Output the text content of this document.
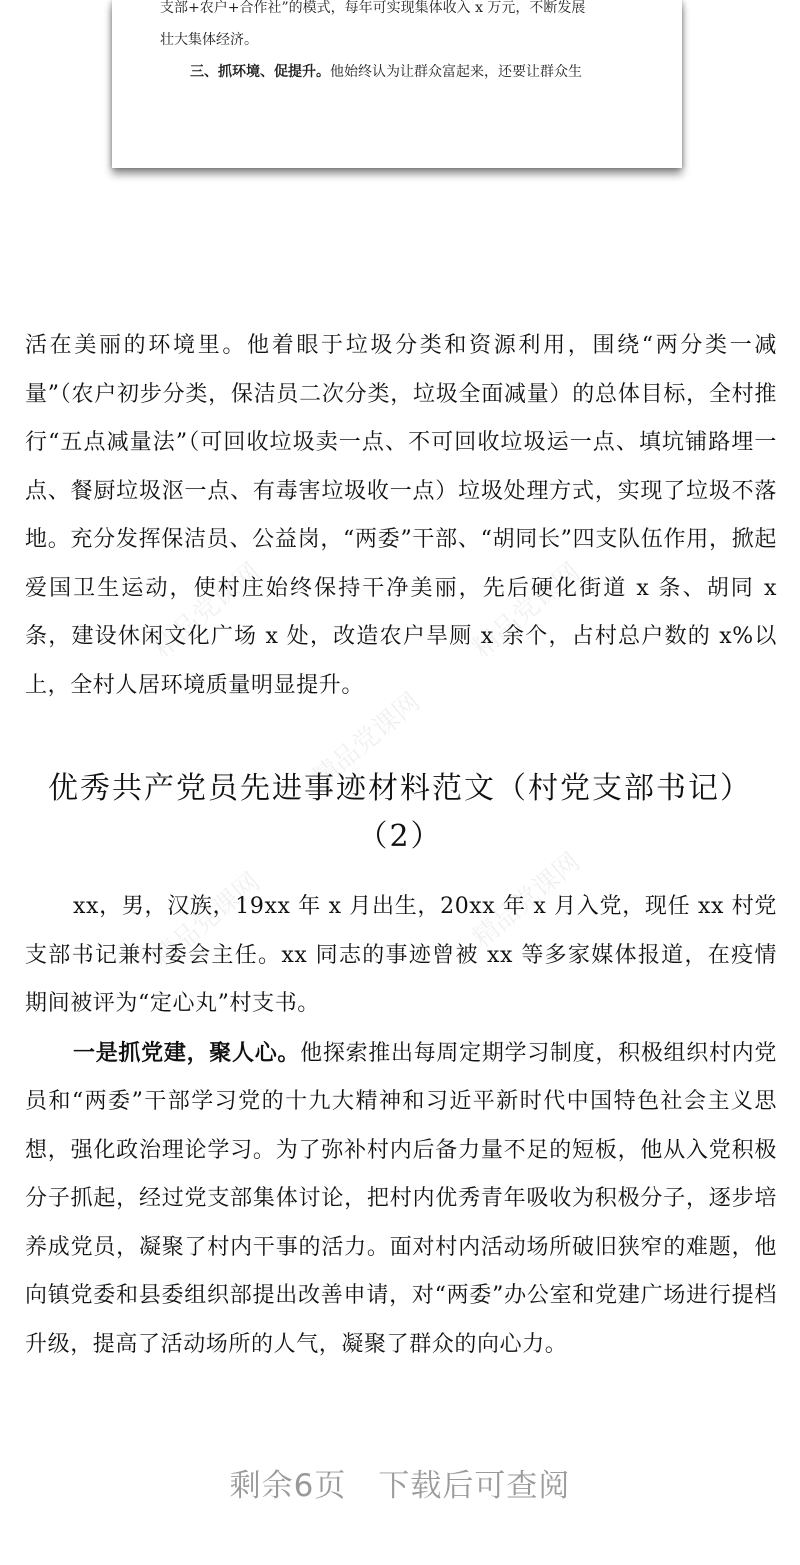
支部+农户+合作社”的模式，每年可实现集体收入 x 万元，不断发展
壮大集体经济。
三、抓环境、促提升。他始终认为让群众富起来，还要让群众生

活在美丽的环境里。他着眼于垃圾分类和资源利用，围绕“两分类一减量”（农户初步分类，保洁员二次分类，垃圾全面减量）的总体目标，全村推行“五点减量法”（可回收垃圾卖一点、不可回收垃圾运一点、填坑铺路埋一点、餐厨垃圾沤一点、有毒害垃圾收一点）垃圾处理方式，实现了垃圾不落地。充分发挥保洁员、公益岗，“两委”干部、“胡同长”四支队伍作用，掀起爱国卫生运动，使村庄始终保持干净美丽，先后硬化街道 x 条、胡同 x 条，建设休闲文化广场 x 处，改造农户旱厕 x 余个，占村总户数的 x%以上，全村人居环境质量明显提升。

优秀共产党员先进事迹材料范文（村党支部书记）
（2）

xx，男，汉族，19xx 年 x 月出生，20xx 年 x 月入党，现任 xx 村党支部书记兼村委会主任。xx 同志的事迹曾被 xx 等多家媒体报道，在疫情期间被评为“定心丸”村支书。

一是抓党建，聚人心。他探索推出每周定期学习制度，积极组织村内党员和“两委”干部学习党的十九大精神和习近平新时代中国特色社会主义思想，强化政治理论学习。为了弥补村内后备力量不足的短板，他从入党积极分子抓起，经过党支部集体讨论，把村内优秀青年吸收为积极分子，逐步培养成党员，凝聚了村内干事的活力。面对村内活动场所破旧狭窄的难题，他向镇党委和县委组织部提出改善申请，对“两委”办公室和党建广场进行提档升级，提高了活动场所的人气，凝聚了群众的向心力。

精品党课网	精品党课网
精品党课网
精品党课网	精品党课网
剩余6页 下载后可查阅
